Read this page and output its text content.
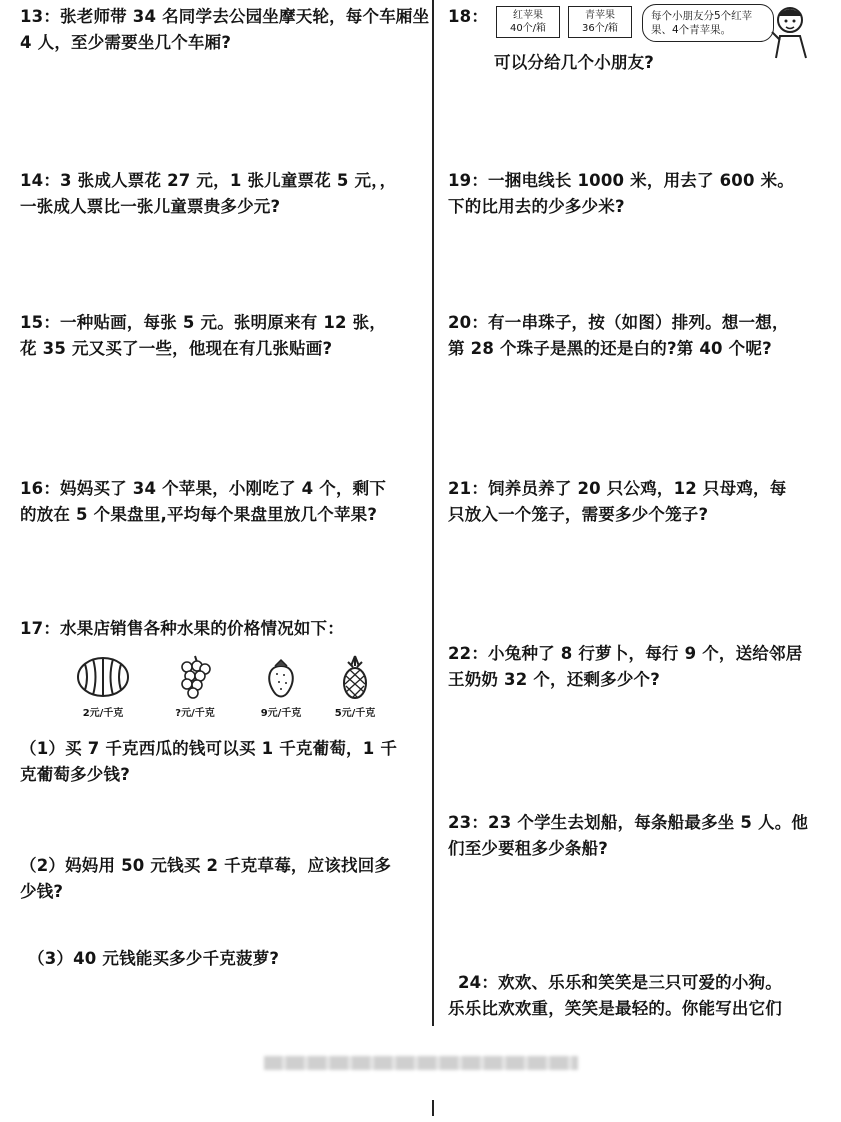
13：张老师带 34 名同学去公园坐摩天轮，每个车厢坐

4 人，至少需要坐几个车厢?

14：3 张成人票花 27 元，1 张儿童票花 5 元，，

一张成人票比一张儿童票贵多少元?

15：一种贴画，每张 5 元。张明原来有 12 张，

花 35 元又买了一些，他现在有几张贴画?

16：妈妈买了 34 个苹果，小刚吃了 4 个，剩下

的放在 5 个果盘里,平均每个果盘里放几个苹果?

17：水果店销售各种水果的价格情况如下：

2元/千克	?元/千克	9元/千克	5元/千克

（1）买 7 千克西瓜的钱可以买 1 千克葡萄，1 千

克葡萄多少钱?

（2）妈妈用 50 元钱买 2 千克草莓，应该找回多

少钱?

（3）40 元钱能买多少千克菠萝?

18：	红苹果
40个/箱
青苹果
36个/箱
每个小朋友分5个红苹果、4个青苹果。

可以分给几个小朋友?

19：一捆电线长 1000 米，用去了 600 米。

下的比用去的少多少米?

20：有一串珠子，按（如图）排列。想一想，

第 28 个珠子是黑的还是白的?第 40 个呢?

21：饲养员养了 20 只公鸡，12 只母鸡，每

只放入一个笼子，需要多少个笼子?

22：小兔种了 8 行萝卜，每行 9 个，送给邻居

王奶奶 32 个，还剩多少个?

23：23 个学生去划船，每条船最多坐 5 人。他

们至少要租多少条船?

24：欢欢、乐乐和笑笑是三只可爱的小狗。

乐乐比欢欢重，笑笑是最轻的。你能写出它们
